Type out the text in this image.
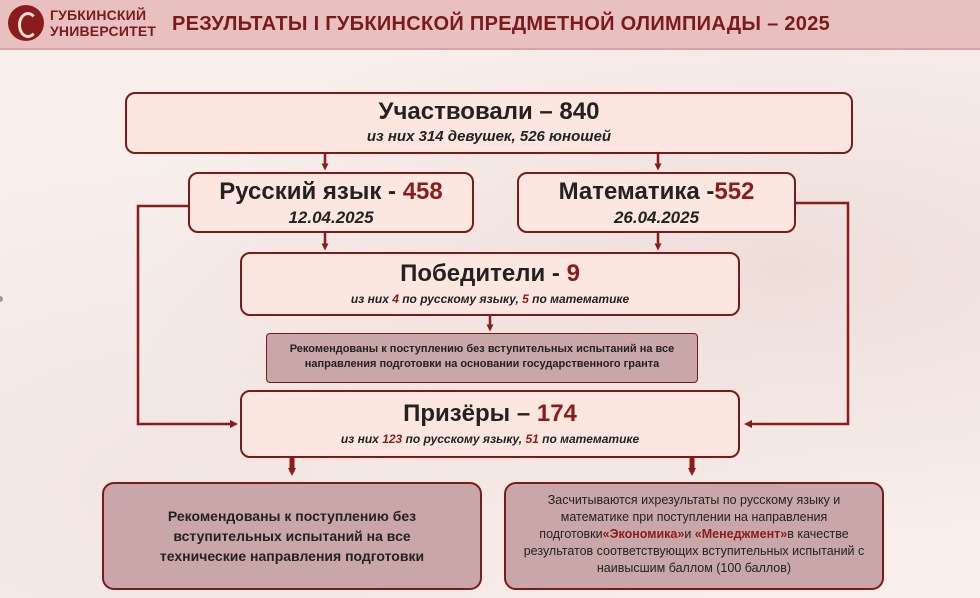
ГУБКИНСКИЙ
УНИВЕРСИТЕТ РЕЗУЛЬТАТЫ I ГУБКИНСКОЙ ПРЕДМЕТНОЙ ОЛИМПИАДЫ – 2025
Участвовали – 840
из них 314 девушек, 526 юношей
Русский язык - 458
12.04.2025
Математика -552
26.04.2025
Победители - 9
из них 4 по русскому языку, 5 по математике
Рекомендованы к поступлению без вступительных испытаний на все направления подготовки на основании государственного гранта
Призёры – 174
из них 123 по русскому языку, 51 по математике
Рекомендованы к поступлению без вступительных испытаний на все технические направления подготовки
Засчитываются ихрезультаты по русскому языку и математике при поступлении на направления подготовки«Экономика»и «Менеджмент»в качестве результатов соответствующих вступительных испытаний с наивысшим баллом (100 баллов)
